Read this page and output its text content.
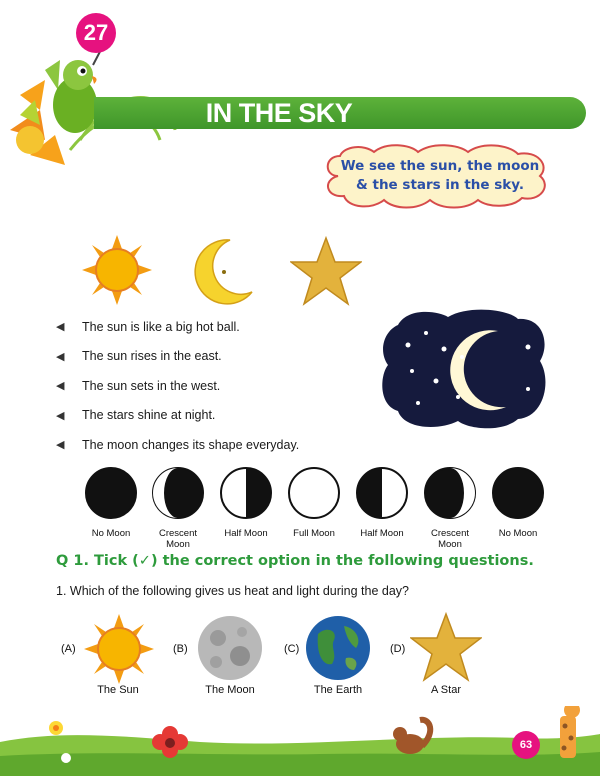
27
IN THE SKY
We see the sun, the moon
& the stars in the sky.
◀	The sun is like a big hot ball.
◀	The sun rises in the east.
◀	The sun sets in the west.
◀	The stars shine at night.
◀	The moon changes its shape everyday.
No Moon	Crescent
Moon
Half Moon	Full Moon	Half Moon	Crescent
Moon
No Moon
Q 1. Tick (✓) the correct option in the following questions.
1. Which of the following gives us heat and light during the day?
(A)
The Sun
(B)
The Moon
(C)
The Earth
(D)
A Star
63
